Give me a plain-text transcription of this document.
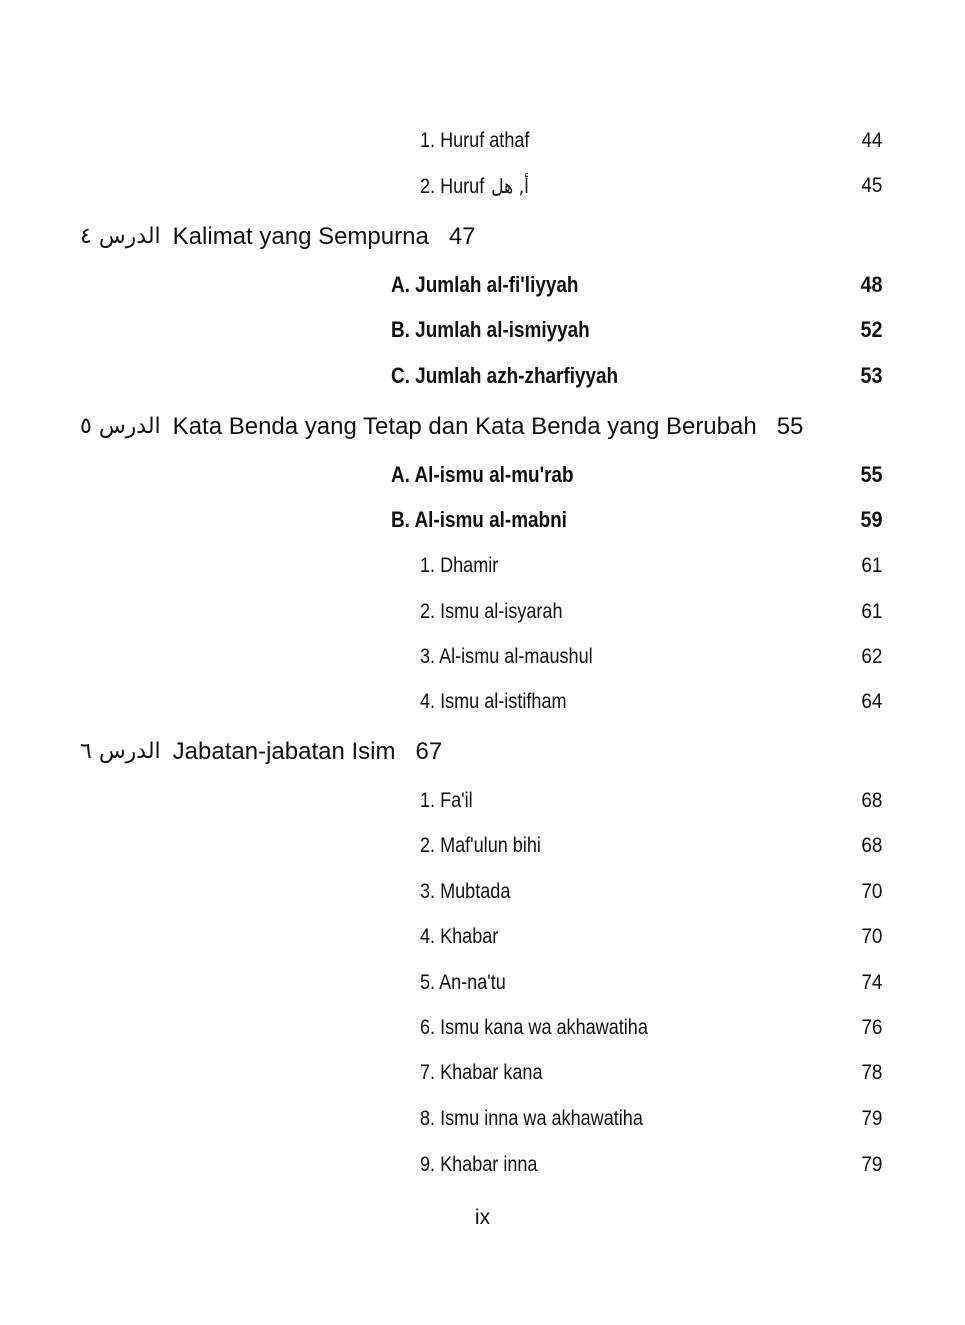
1. Huruf athaf	44
2. Huruf أ, هل	45
الدرس ٤ Kalimat yang Sempurna 47
A. Jumlah al-fi'liyyah	48
B. Jumlah al-ismiyyah	52
C. Jumlah azh-zharfiyyah	53
الدرس ٥ Kata Benda yang Tetap dan Kata Benda yang Berubah 55
A. Al-ismu al-mu'rab	55
B. Al-ismu al-mabni	59
1. Dhamir	61
2. Ismu al-isyarah	61
3. Al-ismu al-maushul	62
4. Ismu al-istifham	64
الدرس ٦ Jabatan-jabatan Isim 67
1. Fa'il	68
2. Maf'ulun bihi	68
3. Mubtada	70
4. Khabar	70
5. An-na'tu	74
6. Ismu kana wa akhawatiha	76
7. Khabar kana	78
8. Ismu inna wa akhawatiha	79
9. Khabar inna	79
ix
